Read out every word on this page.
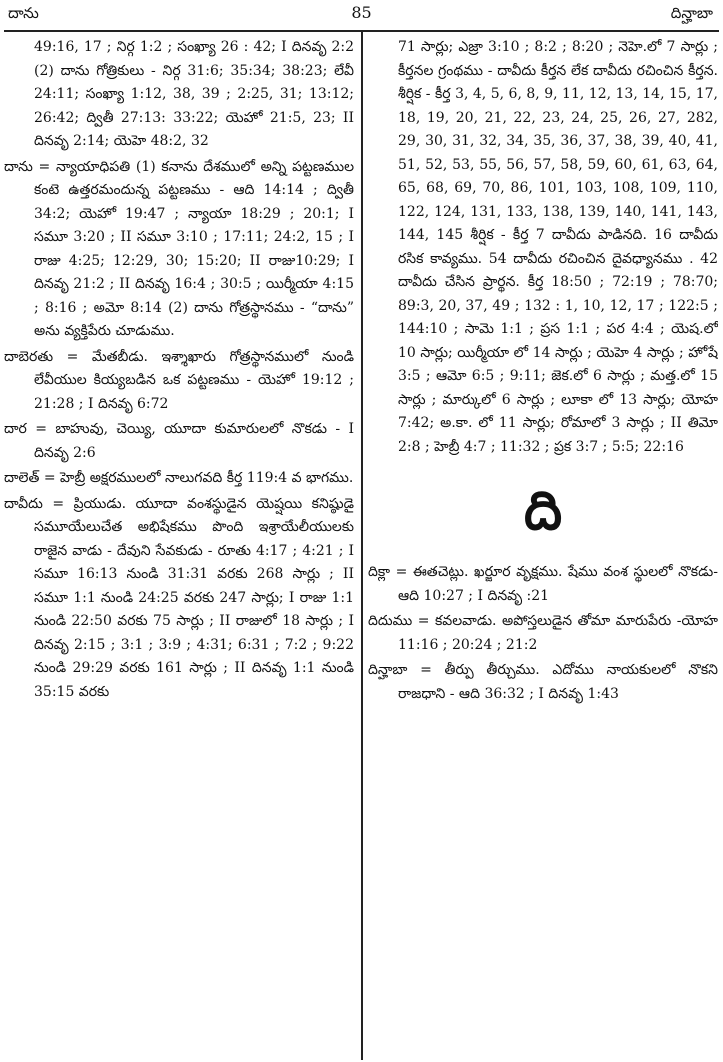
దాను	85	దిన్హాబా

49:16, 17 ; నిర్గ 1:2 ; సంఖ్యా 26 : 42; I దినవృ 2:2 (2) దాను గోత్రికులు - నిర్గ 31:6; 35:34; 38:23; లేవీ 24:11; సంఖ్యా 1:12, 38, 39 ; 2:25, 31; 13:12; 26:42; ద్వితీ 27:13: 33:22; యెహో 21:5, 23; II దినవృ 2:14; యెహె 48:2, 32

దాను = న్యాయాధిపతి (1) కనాను దేశములో అన్ని పట్టణముల కంటె ఉత్తరమందున్న పట్టణము - ఆది 14:14 ; ద్వితీ 34:2; యెహో 19:47 ; న్యాయా 18:29 ; 20:1; I సమూ 3:20 ; II సమూ 3:10 ; 17:11; 24:2, 15 ; I రాజు 4:25; 12:29, 30; 15:20; II రాజు10:29; I దినవృ 21:2 ; II దినవృ 16:4 ; 30:5 ; యిర్మీయా 4:15 ; 8:16 ; అమో 8:14 (2) దాను గోత్రస్థానము - “దాను” అను వ్యక్తిపేరు చూడుము.

దాబెరతు = మేతబీడు. ఇశ్శాఖారు గోత్రస్థానములో నుండి లేవీయుల కియ్యబడిన ఒక పట్టణము - యెహో 19:12 ; 21:28 ; I దినవృ 6:72

దార = బాహువు, చెయ్యి, యూదా కుమారులలో నొకడు - I దినవృ 2:6

దాలెత్ = హెబ్రీ అక్షరములలో నాలుగవది కీర్త 119:4 వ భాగము.

దావీదు = ప్రియుడు. యూదా వంశస్థుడైన యెష్షయి కనిష్ఠుడై సమూయేలుచేత అభిషేకము పొంది ఇశ్రాయేలీయులకు రాజైన వాడు - దేవుని సేవకుడు - రూతు 4:17 ; 4:21 ; I సమూ 16:13 నుండి 31:31 వరకు 268 సార్లు ; II సమూ 1:1 నుండి 24:25 వరకు 247 సార్లు; I రాజు 1:1 నుండి 22:50 వరకు 75 సార్లు ; II రాజులో 18 సార్లు ; I దినవృ 2:15 ; 3:1 ; 3:9 ; 4:31; 6:31 ; 7:2 ; 9:22 నుండి 29:29 వరకు 161 సార్లు ; II దినవృ 1:1 నుండి 35:15 వరకు

71 సార్లు; ఎజ్రా 3:10 ; 8:2 ; 8:20 ; నెహె.లో 7 సార్లు ; కీర్తనల గ్రంథము - దావీదు కీర్తన లేక దావీదు రచించిన కీర్తన. శీర్షిక - కీర్త 3, 4, 5, 6, 8, 9, 11, 12, 13, 14, 15, 17, 18, 19, 20, 21, 22, 23, 24, 25, 26, 27, 282, 29, 30, 31, 32, 34, 35, 36, 37, 38, 39, 40, 41, 51, 52, 53, 55, 56, 57, 58, 59, 60, 61, 63, 64, 65, 68, 69, 70, 86, 101, 103, 108, 109, 110, 122, 124, 131, 133, 138, 139, 140, 141, 143, 144, 145 శీర్షిక - కీర్త 7 దావీదు పాడినది. 16 దావీదు రసిక కావ్యము. 54 దావీదు రచించిన దైవధ్యానము . 42 దావీదు చేసిన ప్రార్థన. కీర్త 18:50 ; 72:19 ; 78:70; 89:3, 20, 37, 49 ; 132 : 1, 10, 12, 17 ; 122:5 ; 144:10 ; సామె 1:1 ; ప్రస 1:1 ; పర 4:4 ; యెష.లో 10 సార్లు; యిర్మీయా లో 14 సార్లు ; యెహె 4 సార్లు ; హోషే 3:5 ; ఆమో 6:5 ; 9:11; జెక.లో 6 సార్లు ; మత్త.లో 15 సార్లు ; మార్కులో 6 సార్లు ; లూకా లో 13 సార్లు; యోహ 7:42; అ.కా. లో 11 సార్లు; రోమాలో 3 సార్లు ; II తిమో 2:8 ; హెబ్రీ 4:7 ; 11:32 ; ప్రక 3:7 ; 5:5; 22:16

ది

దిక్లా = ఈతచెట్లు. ఖర్జూర వృక్షము. షేము వంశ స్థులలో నొకడు- ఆది 10:27 ; I దినవృ :21

దిదుము = కవలవాడు. అపోస్తలుడైన తోమా మారుపేరు -యోహ 11:16 ; 20:24 ; 21:2

దిన్హాబా = తీర్పు తీర్చుము. ఎదోము నాయకులలో నొకని రాజధాని - ఆది 36:32 ; I దినవృ 1:43
